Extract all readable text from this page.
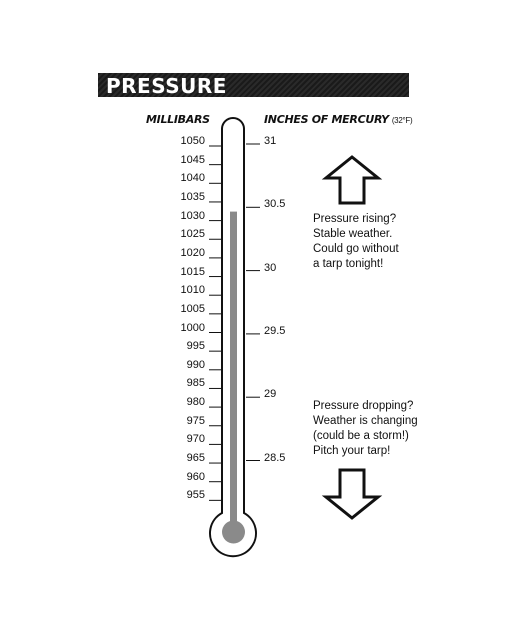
PRESSURE
MILLIBARS	INCHES OF MERCURY (32°F)
1050
1045
1040
1035
1030
1025
1020
1015
1010
1005
1000
995
990
985
980
975
970
965
960
955
31
30.5
30
29.5
29
28.5
Pressure rising?
Stable weather.
Could go without
a tarp tonight!
Pressure dropping?
Weather is changing
(could be a storm!)
Pitch your tarp!
